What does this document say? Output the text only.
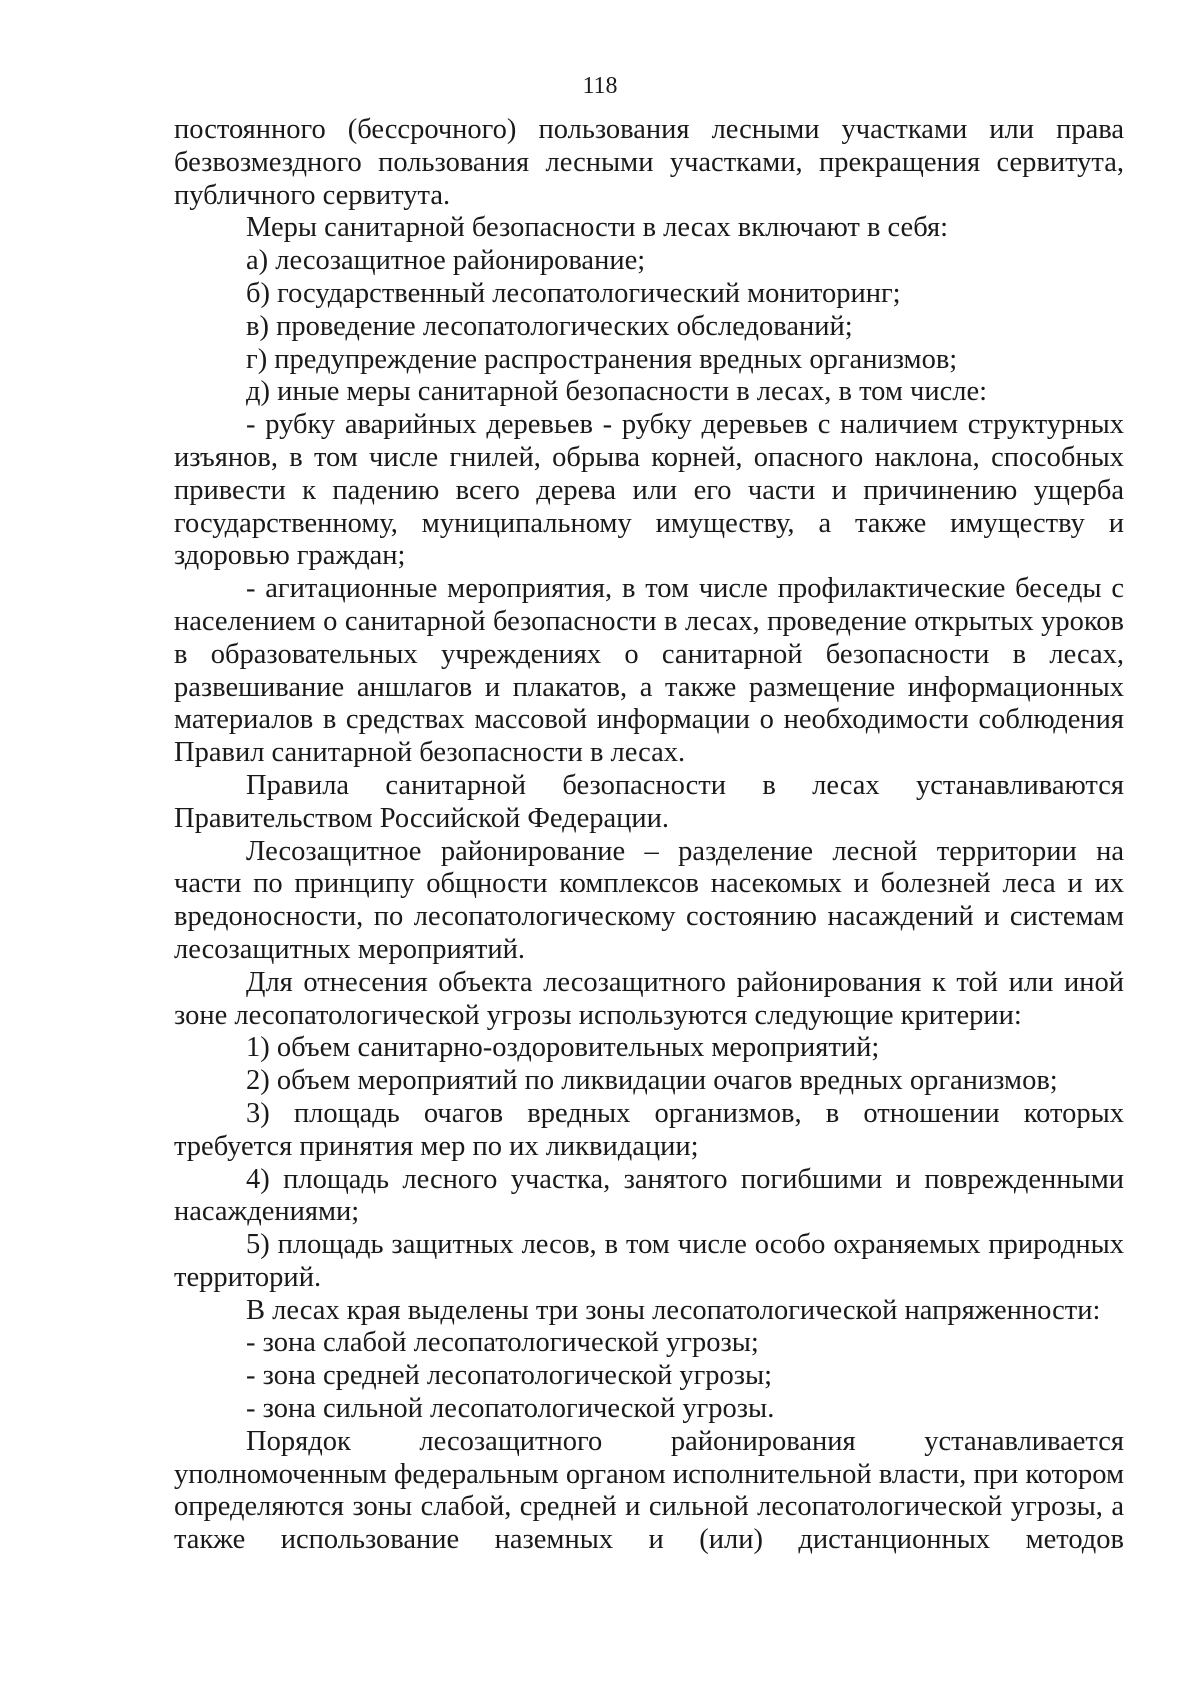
118

постоянного (бессрочного) пользования лесными участками или права безвозмездного пользования лесными участками, прекращения сервитута, публичного сервитута.

Меры санитарной безопасности в лесах включают в себя:

а) лесозащитное районирование;

б) государственный лесопатологический мониторинг;

в) проведение лесопатологических обследований;

г) предупреждение распространения вредных организмов;

д) иные меры санитарной безопасности в лесах, в том числе:

- рубку аварийных деревьев - рубку деревьев с наличием структурных изъянов, в том числе гнилей, обрыва корней, опасного наклона, способных привести к падению всего дерева или его части и причинению ущерба государственному, муниципальному имуществу, а также имуществу и здоровью граждан;

- агитационные мероприятия, в том числе профилактические беседы с населением о санитарной безопасности в лесах, проведение открытых уроков в образовательных учреждениях о санитарной безопасности в лесах, развешивание аншлагов и плакатов, а также размещение информационных материалов в средствах массовой информации о необходимости соблюдения Правил санитарной безопасности в лесах.

Правила санитарной безопасности в лесах устанавливаются Правительством Российской Федерации.

Лесозащитное районирование – разделение лесной территории на части по принципу общности комплексов насекомых и болезней леса и их вредоносности, по лесопатологическому состоянию насаждений и системам лесозащитных мероприятий.

Для отнесения объекта лесозащитного районирования к той или иной зоне лесопатологической угрозы используются следующие критерии:

1) объем санитарно-оздоровительных мероприятий;

2) объем мероприятий по ликвидации очагов вредных организмов;

3) площадь очагов вредных организмов, в отношении которых требуется принятия мер по их ликвидации;

4) площадь лесного участка, занятого погибшими и поврежденными насаждениями;

5) площадь защитных лесов, в том числе особо охраняемых природных территорий.

В лесах края выделены три зоны лесопатологической напряженности:

- зона слабой лесопатологической угрозы;

- зона средней лесопатологической угрозы;

- зона сильной лесопатологической угрозы.

Порядок лесозащитного районирования устанавливается уполномоченным федеральным органом исполнительной власти, при котором определяются зоны слабой, средней и сильной лесопатологической угрозы, а также использование наземных и (или) дистанционных методов
